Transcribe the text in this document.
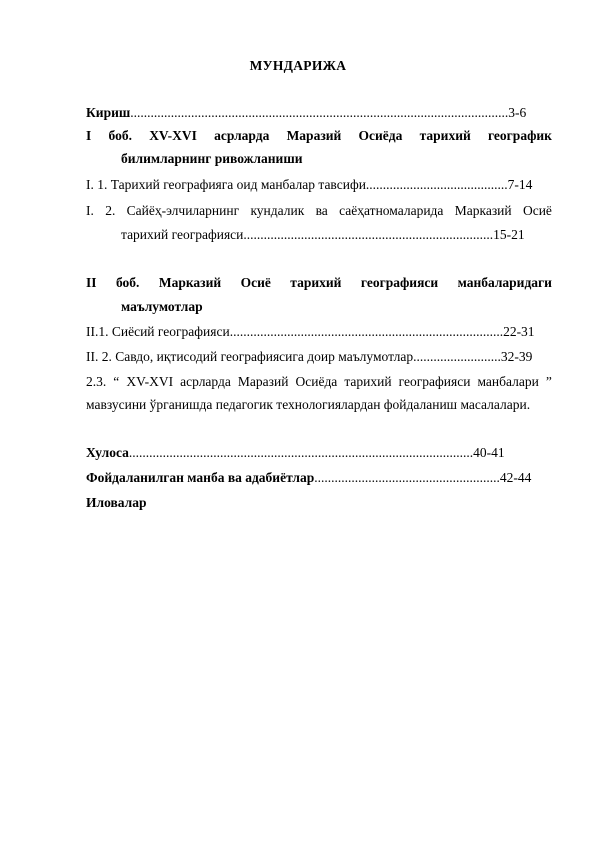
МУНДАРИЖА
Кириш................................................................................................................3-6
I боб. XV-XVI асрларда Маразий Осиёда тарихий географик
билимларнинг ривожланиши
I. 1. Тарихий географияга оид манбалар тавсифи..........................................7-14
I. 2. Сайёҳ-элчиларнинг кундалик ва саёҳатномаларида Марказий Осиё
тарихий географияси..........................................................................15-21
II боб. Марказий Осиё тарихий географияси манбаларидаги
маълумотлар
II.1. Сиёсий географияси.................................................................................22-31
II. 2. Савдо, иқтисодий географиясига доир маълумотлар..........................32-39
2.3. “ XV-XVI асрларда Маразий Осиёда тарихий географияси манбалари ”
мавзусини ўрганишда педагогик технологиялардан фойдаланиш масалалари.
Хулоса......................................................................................................40-41
Фойдаланилган манба ва адабиётлар.......................................................42-44
Иловалар
